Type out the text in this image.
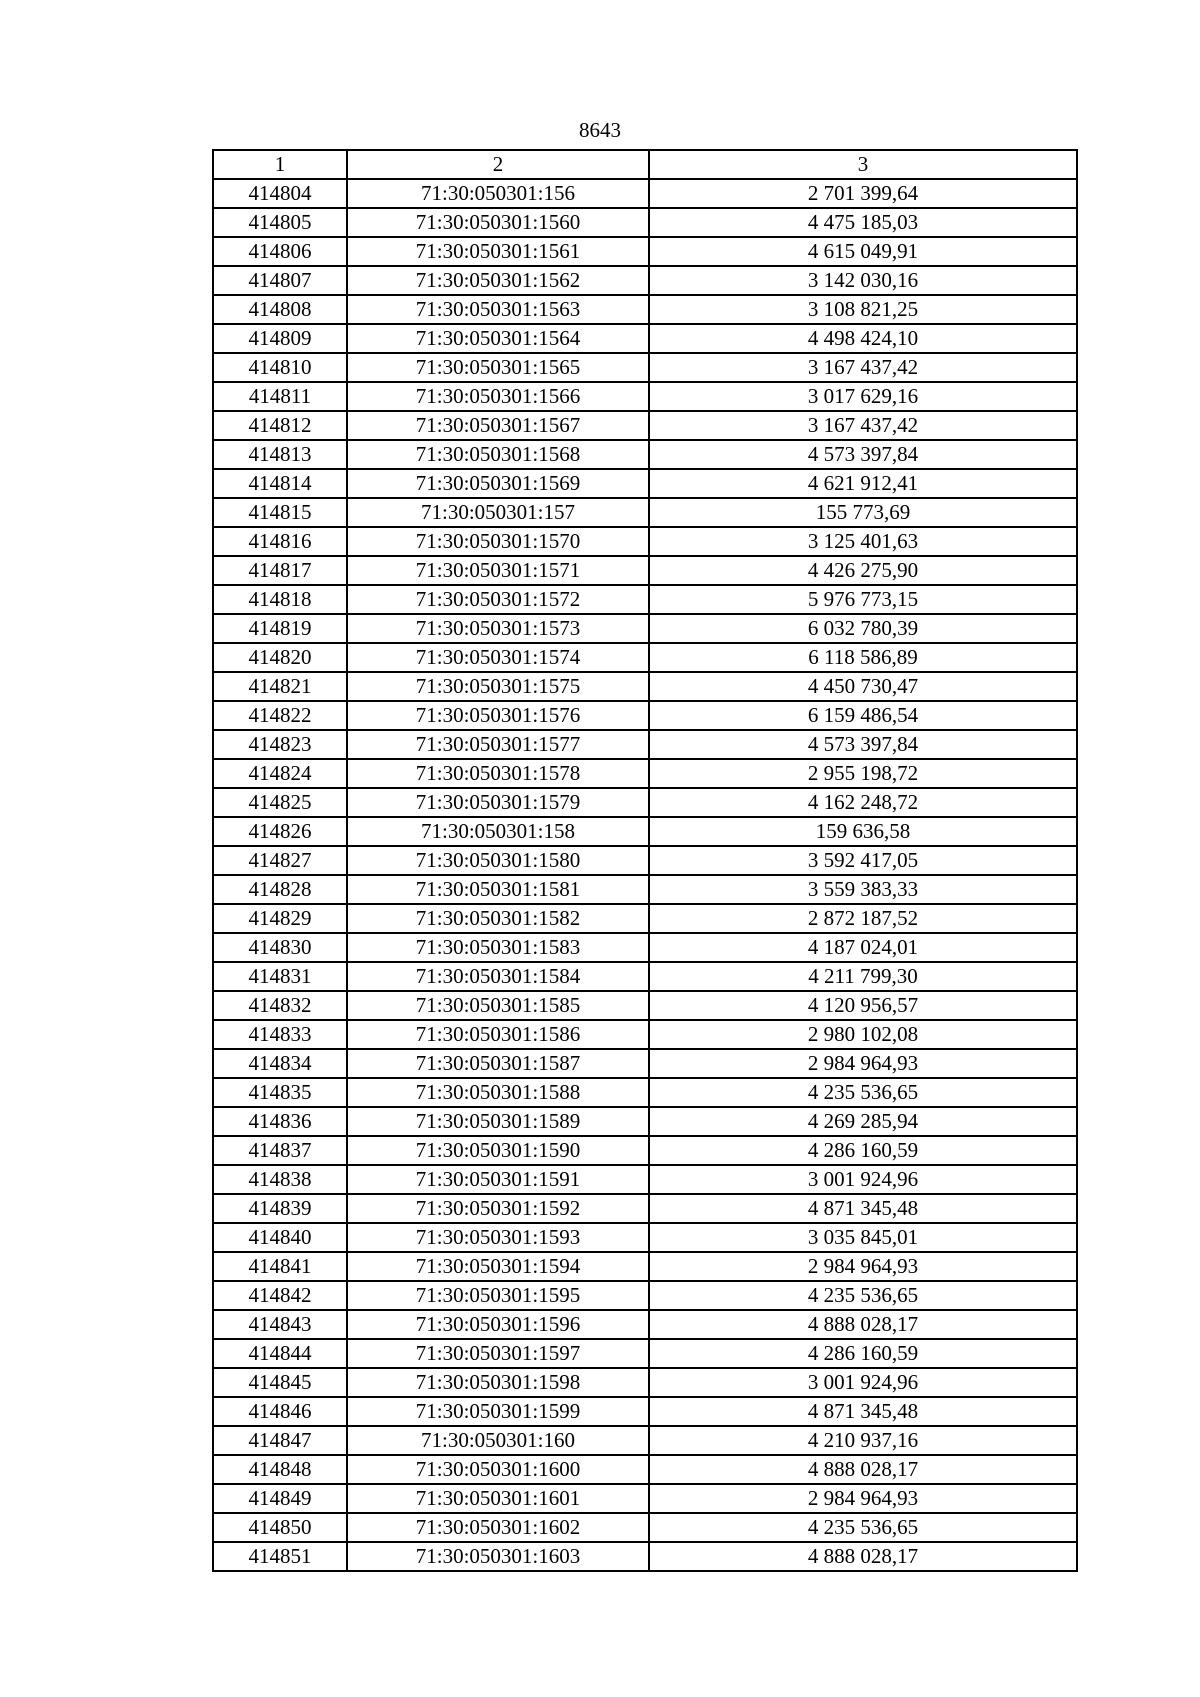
8643
1	2	3
414804	71:30:050301:156	2 701 399,64
414805	71:30:050301:1560	4 475 185,03
414806	71:30:050301:1561	4 615 049,91
414807	71:30:050301:1562	3 142 030,16
414808	71:30:050301:1563	3 108 821,25
414809	71:30:050301:1564	4 498 424,10
414810	71:30:050301:1565	3 167 437,42
414811	71:30:050301:1566	3 017 629,16
414812	71:30:050301:1567	3 167 437,42
414813	71:30:050301:1568	4 573 397,84
414814	71:30:050301:1569	4 621 912,41
414815	71:30:050301:157	155 773,69
414816	71:30:050301:1570	3 125 401,63
414817	71:30:050301:1571	4 426 275,90
414818	71:30:050301:1572	5 976 773,15
414819	71:30:050301:1573	6 032 780,39
414820	71:30:050301:1574	6 118 586,89
414821	71:30:050301:1575	4 450 730,47
414822	71:30:050301:1576	6 159 486,54
414823	71:30:050301:1577	4 573 397,84
414824	71:30:050301:1578	2 955 198,72
414825	71:30:050301:1579	4 162 248,72
414826	71:30:050301:158	159 636,58
414827	71:30:050301:1580	3 592 417,05
414828	71:30:050301:1581	3 559 383,33
414829	71:30:050301:1582	2 872 187,52
414830	71:30:050301:1583	4 187 024,01
414831	71:30:050301:1584	4 211 799,30
414832	71:30:050301:1585	4 120 956,57
414833	71:30:050301:1586	2 980 102,08
414834	71:30:050301:1587	2 984 964,93
414835	71:30:050301:1588	4 235 536,65
414836	71:30:050301:1589	4 269 285,94
414837	71:30:050301:1590	4 286 160,59
414838	71:30:050301:1591	3 001 924,96
414839	71:30:050301:1592	4 871 345,48
414840	71:30:050301:1593	3 035 845,01
414841	71:30:050301:1594	2 984 964,93
414842	71:30:050301:1595	4 235 536,65
414843	71:30:050301:1596	4 888 028,17
414844	71:30:050301:1597	4 286 160,59
414845	71:30:050301:1598	3 001 924,96
414846	71:30:050301:1599	4 871 345,48
414847	71:30:050301:160	4 210 937,16
414848	71:30:050301:1600	4 888 028,17
414849	71:30:050301:1601	2 984 964,93
414850	71:30:050301:1602	4 235 536,65
414851	71:30:050301:1603	4 888 028,17
